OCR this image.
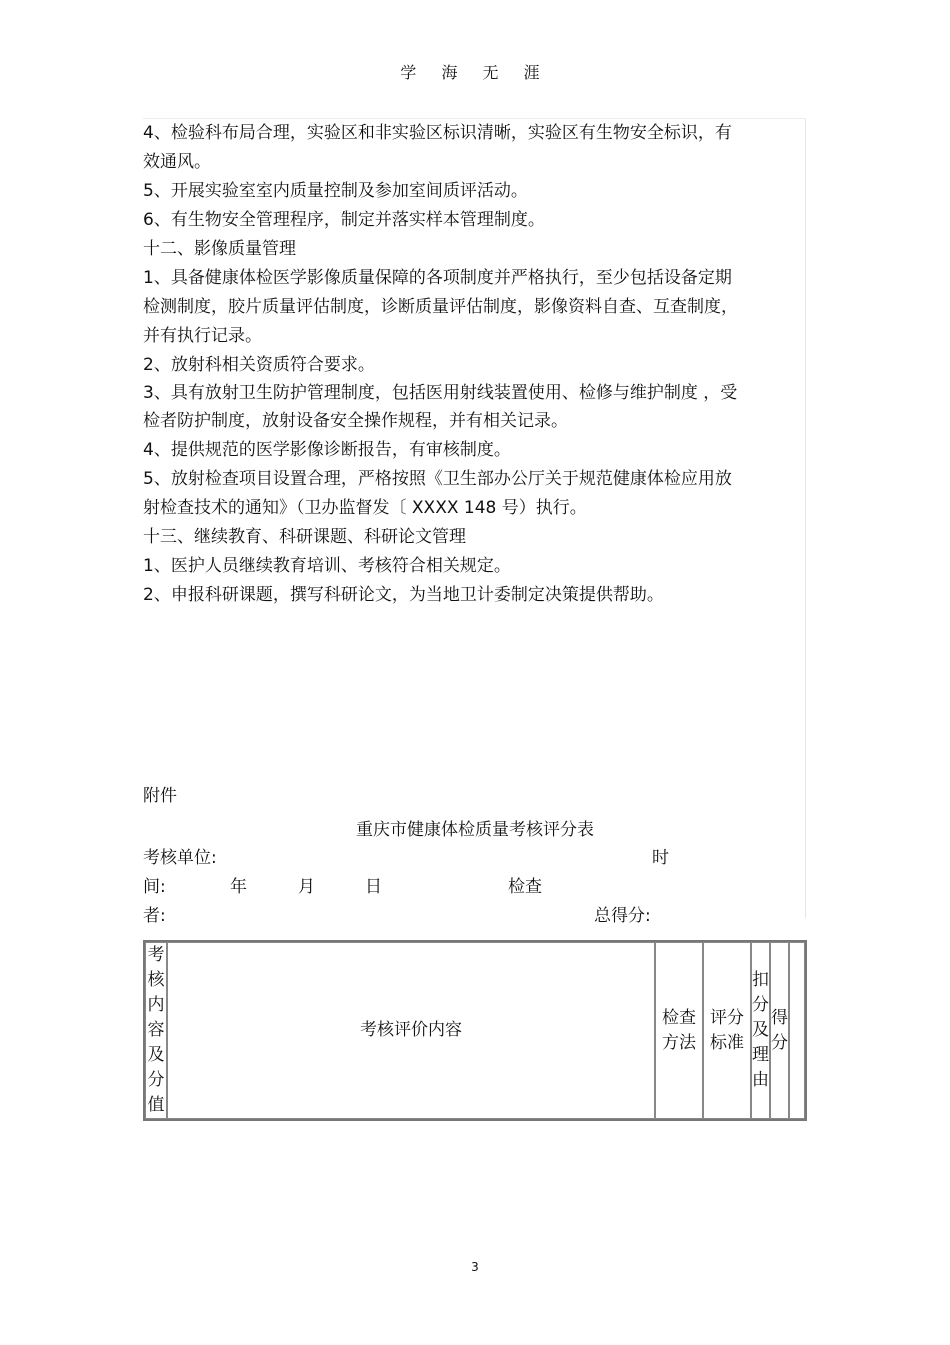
学 海 无 涯
4、检验科布局合理，实验区和非实验区标识清晰，实验区有生物安全标识，有
效通风。
5、开展实验室室内质量控制及参加室间质评活动。
6、有生物安全管理程序，制定并落实样本管理制度。
十二、影像质量管理
1、具备健康体检医学影像质量保障的各项制度并严格执行，至少包括设备定期
检测制度，胶片质量评估制度，诊断质量评估制度，影像资料自查、互查制度，
并有执行记录。
2、放射科相关资质符合要求。
3、具有放射卫生防护管理制度，包括医用射线装置使用、检修与维护制度 ，受
检者防护制度，放射设备安全操作规程，并有相关记录。
4、提供规范的医学影像诊断报告，有审核制度。
5、放射检查项目设置合理，严格按照《卫生部办公厅关于规范健康体检应用放
射检查技术的通知》（卫办监督发〔 XXXX 148 号）执行。
十三、继续教育、科研课题、科研论文管理
1、医护人员继续教育培训、考核符合相关规定。
2、申报科研课题，撰写科研论文，为当地卫计委制定决策提供帮助。
附件
重庆市健康体检质量考核评分表
考核单位:	时
间:	年	月	日	检查
者:	总得分:
考核内容及分值	考核评价内容	检查方法	评分标准	扣分及理由	得分	
3
